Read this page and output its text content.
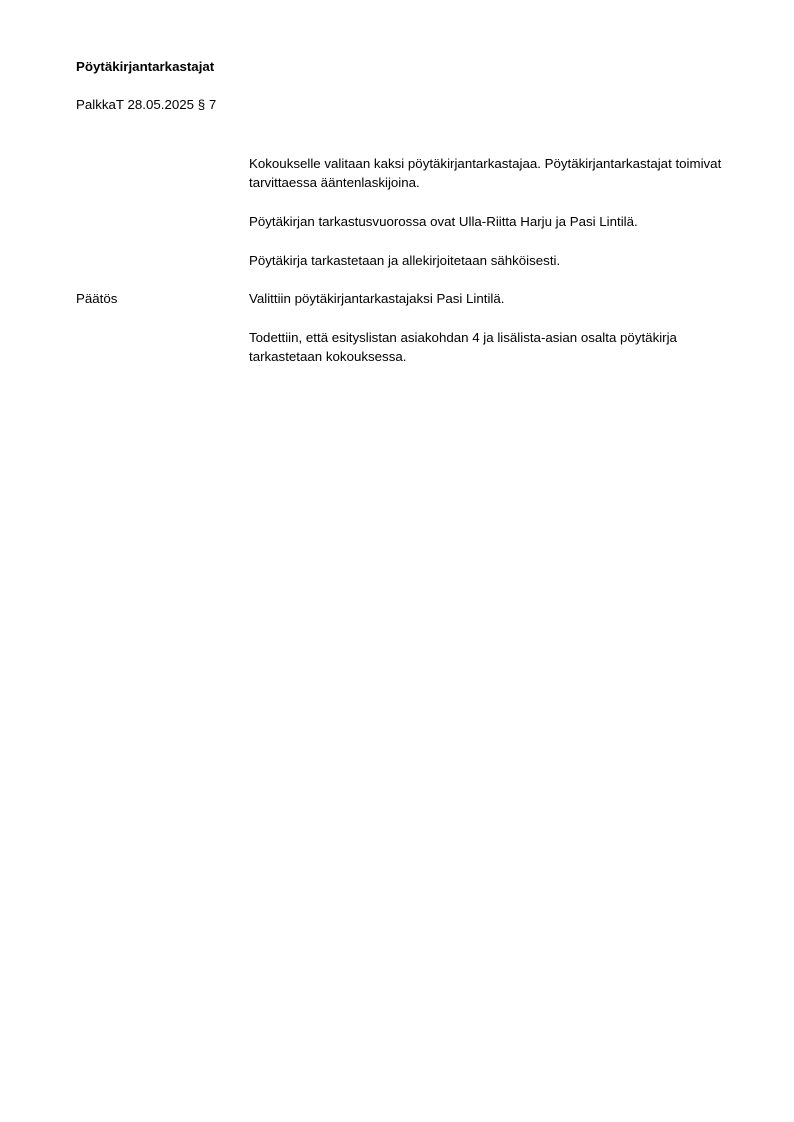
Pöytäkirjantarkastajat
PalkkaT 28.05.2025 § 7

Kokoukselle valitaan kaksi pöytäkirjantarkastajaa. Pöytäkirjantarkastajat toimivat tarvittaessa ääntenlaskijoina.

Pöytäkirjan tarkastusvuorossa ovat Ulla-Riitta Harju ja Pasi Lintilä.

Pöytäkirja tarkastetaan ja allekirjoitetaan sähköisesti.

Päätös	Valittiin pöytäkirjantarkastajaksi Pasi Lintilä.

Todettiin, että esityslistan asiakohdan 4 ja lisälista-asian osalta pöytäkirja tarkastetaan kokouksessa.
